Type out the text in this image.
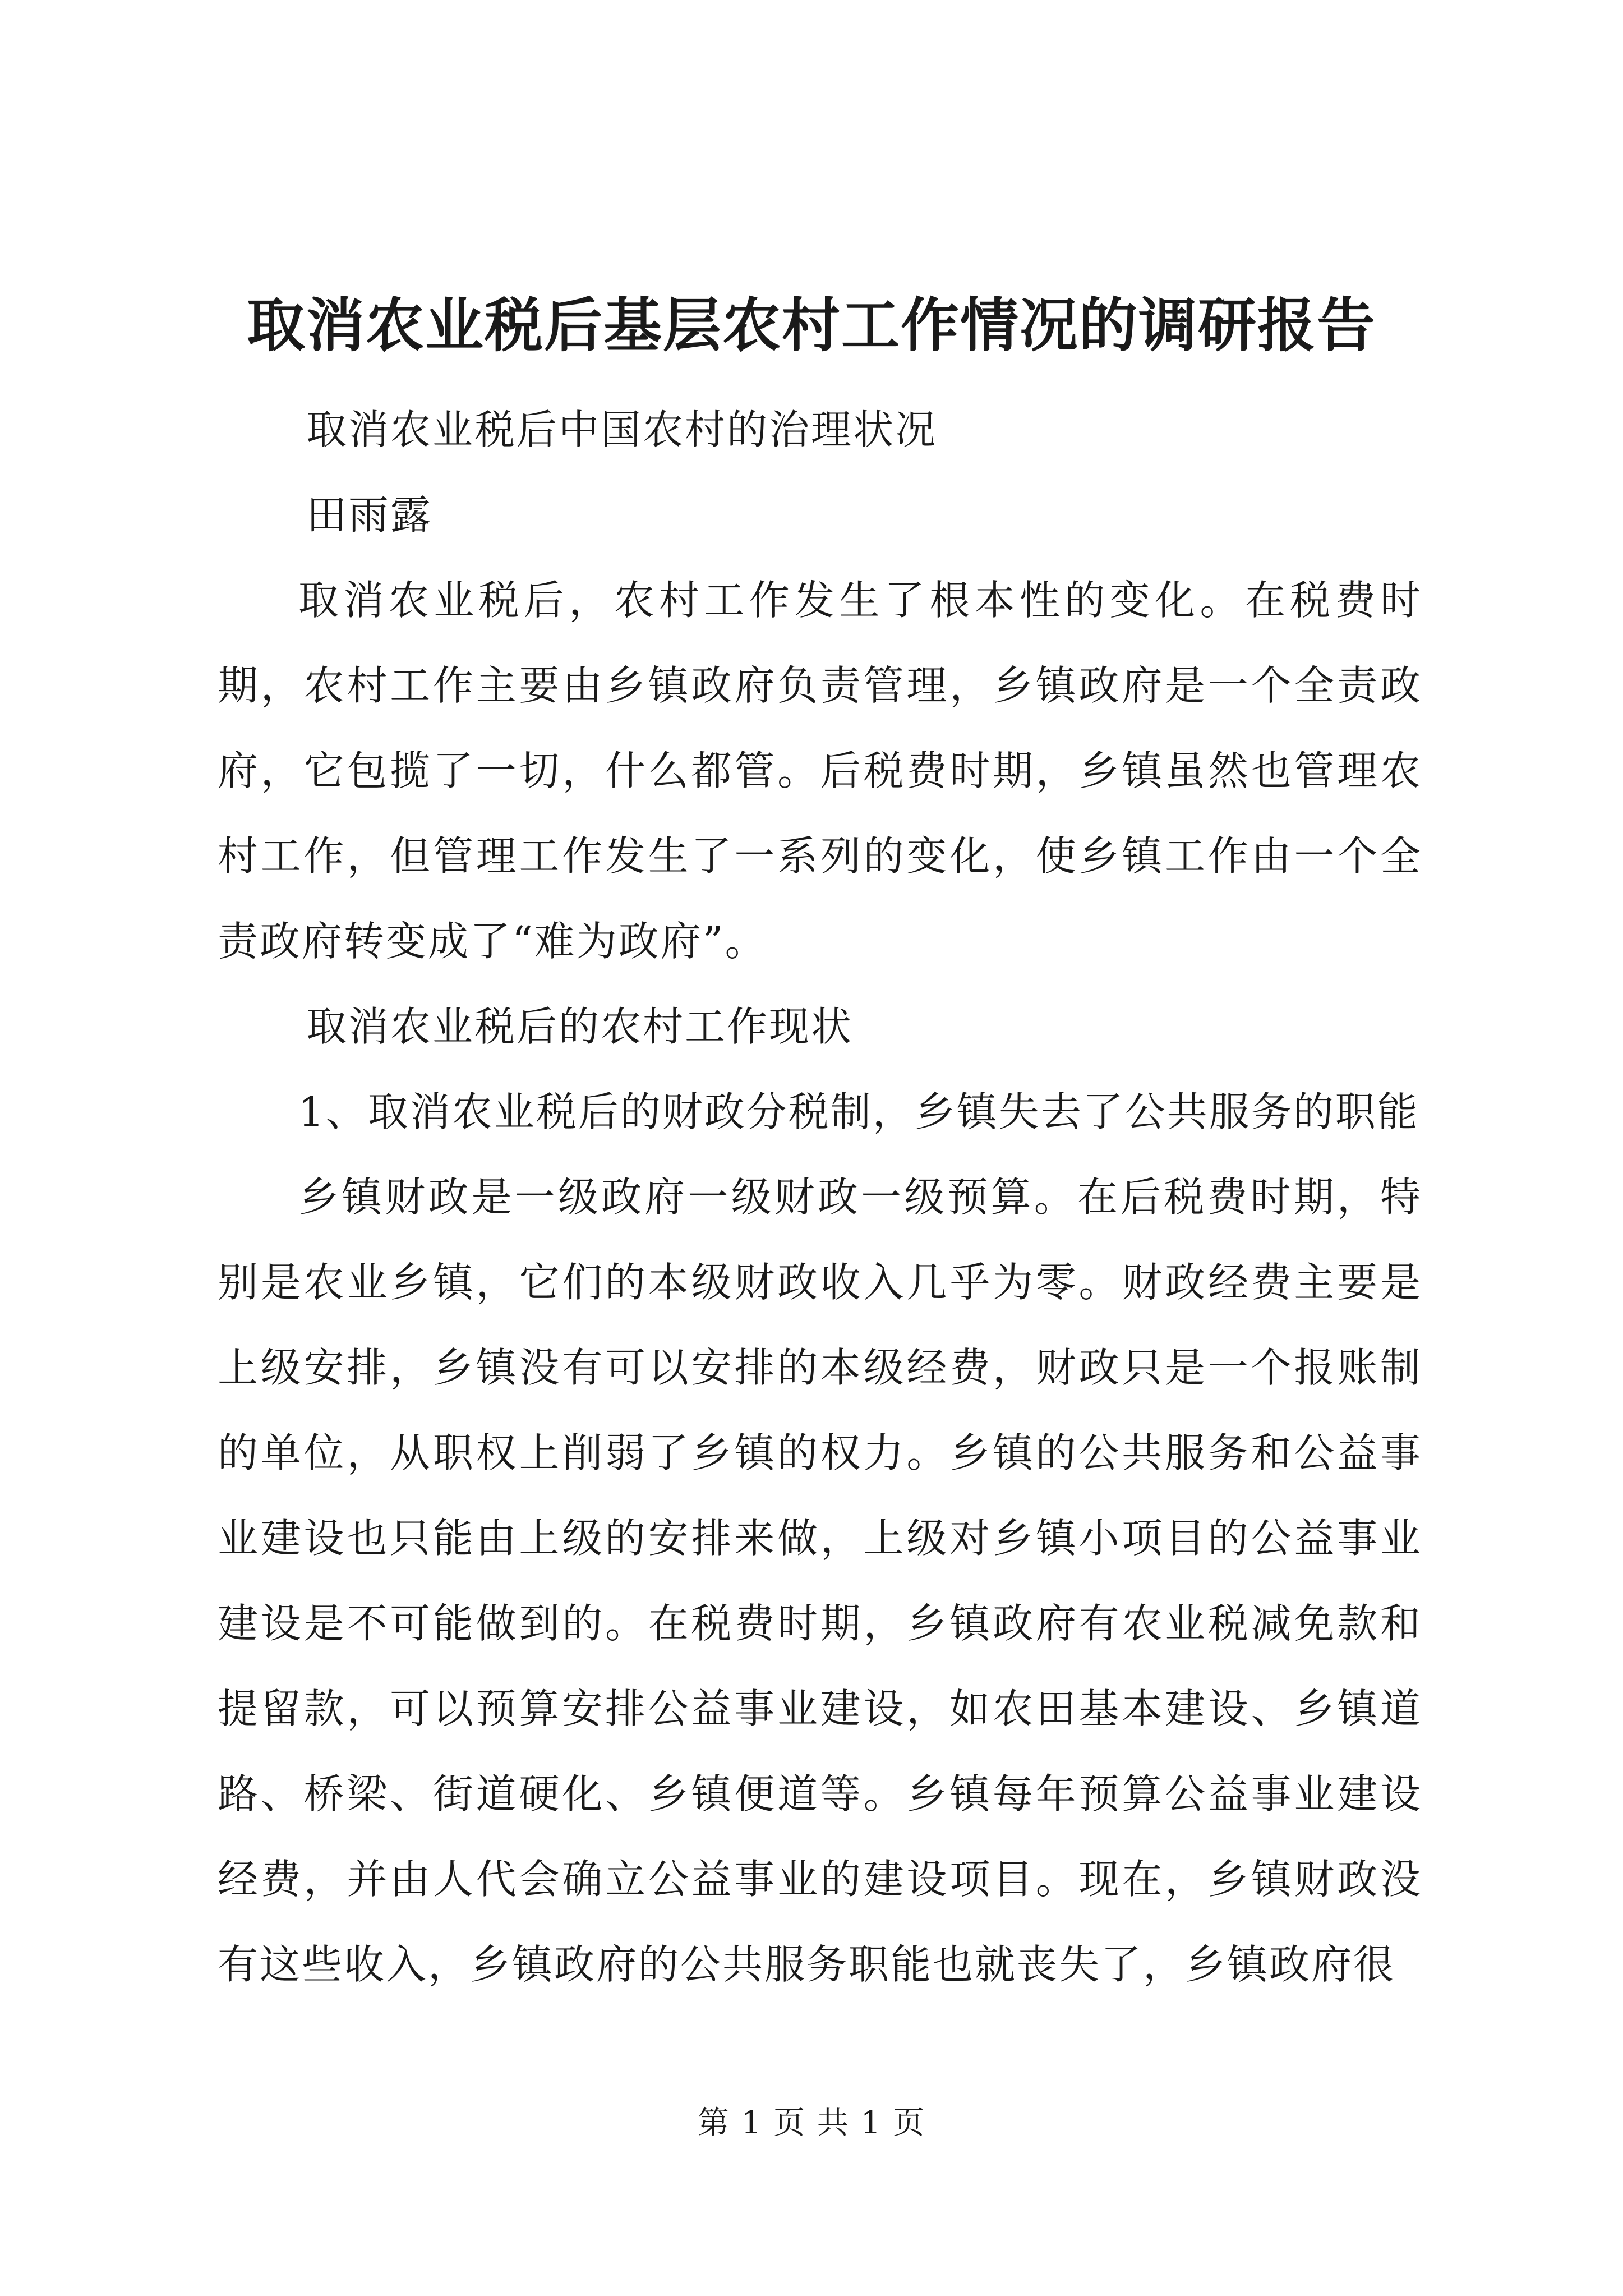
取消农业税后基层农村工作情况的调研报告

取消农业税后中国农村的治理状况

田雨露

取消农业税后，农村工作发生了根本性的变化。在税费时期，农村工作主要由乡镇政府负责管理，乡镇政府是一个全责政府，它包揽了一切，什么都管。后税费时期，乡镇虽然也管理农村工作，但管理工作发生了一系列的变化，使乡镇工作由一个全责政府转变成了“难为政府”。

取消农业税后的农村工作现状

1、取消农业税后的财政分税制，乡镇失去了公共服务的职能

乡镇财政是一级政府一级财政一级预算。在后税费时期，特别是农业乡镇，它们的本级财政收入几乎为零。财政经费主要是上级安排，乡镇没有可以安排的本级经费，财政只是一个报账制的单位，从职权上削弱了乡镇的权力。乡镇的公共服务和公益事业建设也只能由上级的安排来做，上级对乡镇小项目的公益事业建设是不可能做到的。在税费时期，乡镇政府有农业税减免款和提留款，可以预算安排公益事业建设，如农田基本建设、乡镇道路、桥梁、街道硬化、乡镇便道等。乡镇每年预算公益事业建设经费，并由人代会确立公益事业的建设项目。现在，乡镇财政没有这些收入，乡镇政府的公共服务职能也就丧失了，乡镇政府很

第 1 页 共 1 页
